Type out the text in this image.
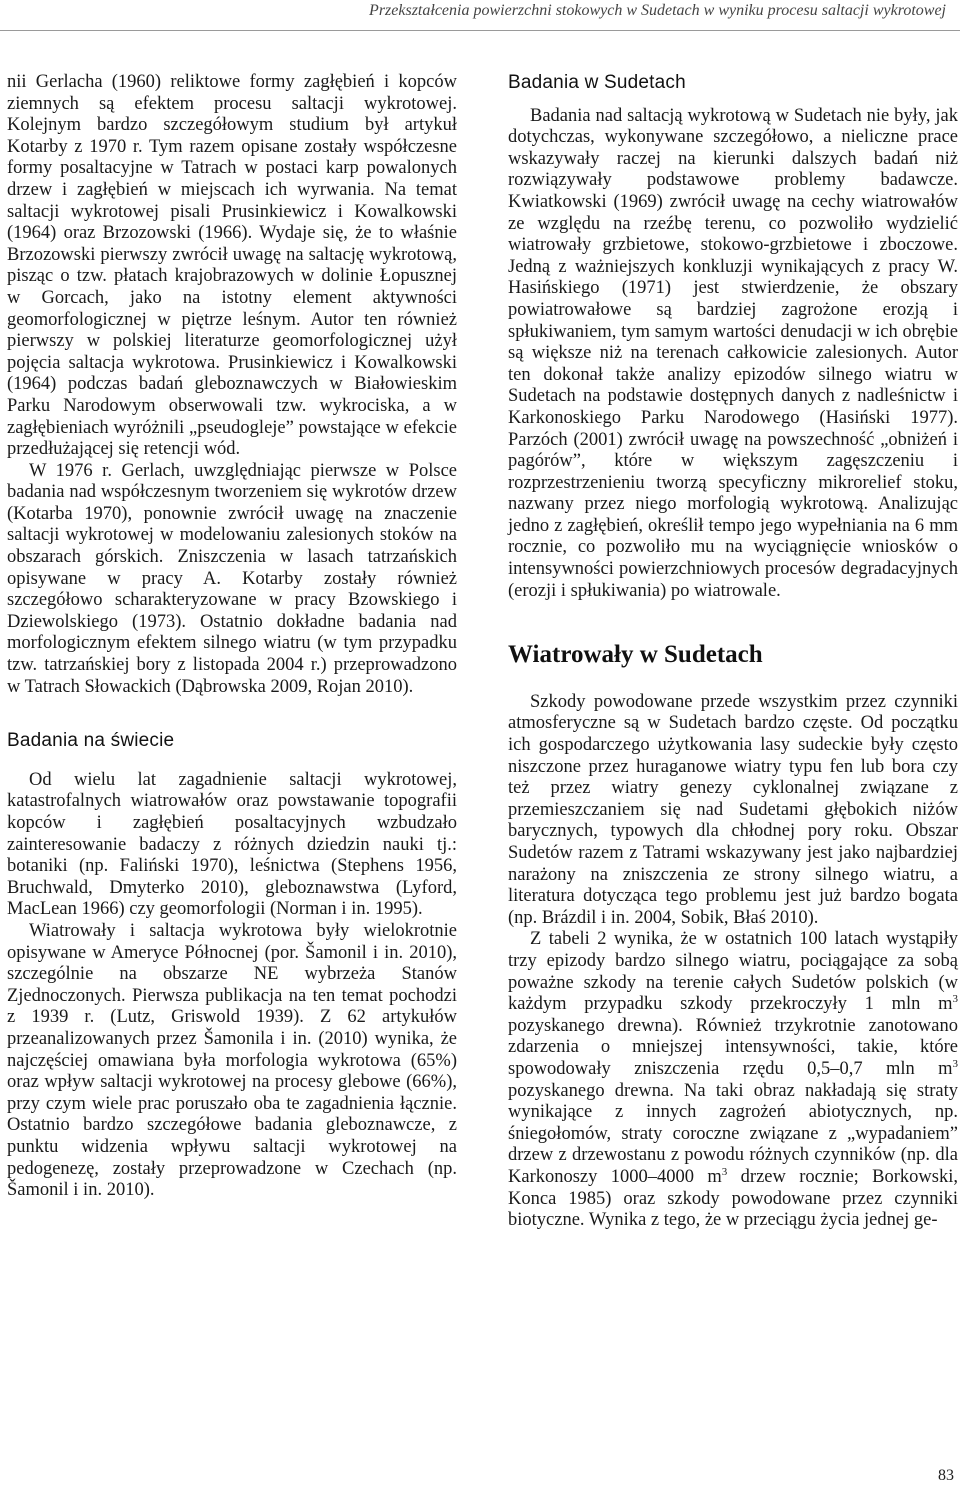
Przekształcenia powierzchni stokowych w Sudetach w wyniku procesu saltacji wykrotowej

nii Gerlacha (1960) reliktowe formy zagłębień i kopców ziemnych są efektem procesu saltacji wykrotowej. Kolejnym bardzo szczegółowym studium był artykuł Kotarby z 1970 r. Tym razem opisane zostały współczesne formy posaltacyjne w Tatrach w postaci karp powalonych drzew i zagłębień w miejscach ich wyrwania. Na temat saltacji wykrotowej pisali Prusinkiewicz i Kowalkowski (1964) oraz Brzozowski (1966). Wydaje się, że to właśnie Brzozowski pierwszy zwrócił uwagę na saltację wykrotową, pisząc o tzw. płatach krajobrazowych w dolinie Łopusznej w Gorcach, jako na istotny element aktywności geomorfologicznej w piętrze leśnym. Autor ten również pierwszy w polskiej literaturze geomorfologicznej użył pojęcia saltacja wykrotowa. Prusinkiewicz i Kowalkowski (1964) podczas badań gleboznawczych w Białowieskim Parku Narodowym obserwowali tzw. wykrociska, a w zagłębieniach wyróżnili „pseudogleje” powstające w efekcie przedłużającej się retencji wód.

W 1976 r. Gerlach, uwzględniając pierwsze w Polsce badania nad współczesnym tworzeniem się wykrotów drzew (Kotarba 1970), ponownie zwrócił uwagę na znaczenie saltacji wykrotowej w modelowaniu zalesionych stoków na obszarach górskich. Zniszczenia w lasach tatrzańskich opisywane w pracy A. Kotarby zostały również szczegółowo scharakteryzowane w pracy Bzowskiego i Dziewolskiego (1973). Ostatnio dokładne badania nad morfologicznym efektem silnego wiatru (w tym przypadku tzw. tatrzańskiej bory z listopada 2004 r.) przeprowadzono w Tatrach Słowackich (Dąbrowska 2009, Rojan 2010).

Badania na świecie

Od wielu lat zagadnienie saltacji wykrotowej, katastrofalnych wiatrowałów oraz powstawanie topografii kopców i zagłębień posaltacyjnych wzbudzało zainteresowanie badaczy z różnych dziedzin nauki tj.: botaniki (np. Faliński 1970), leśnictwa (Stephens 1956, Bruchwald, Dmyterko 2010), gleboznawstwa (Lyford, MacLean 1966) czy geomorfologii (Norman i in. 1995).

Wiatrowały i saltacja wykrotowa były wielokrotnie opisywane w Ameryce Północnej (por. Šamonil i in. 2010), szczególnie na obszarze NE wybrzeża Stanów Zjednoczonych. Pierwsza publikacja na ten temat pochodzi z 1939 r. (Lutz, Griswold 1939). Z 62 artykułów przeanalizowanych przez Šamonila i in. (2010) wynika, że najczęściej omawiana była morfologia wykrotowa (65%) oraz wpływ saltacji wykrotowej na procesy glebowe (66%), przy czym wiele prac poruszało oba te zagadnienia łącznie. Ostatnio bardzo szczegółowe badania gleboznawcze, z punktu widzenia wpływu saltacji wykrotowej na pedogenezę, zostały przeprowadzone w Czechach (np. Šamonil i in. 2010).

Badania w Sudetach

Badania nad saltacją wykrotową w Sudetach nie były, jak dotychczas, wykonywane szczegółowo, a nieliczne prace wskazywały raczej na kierunki dalszych badań niż rozwiązywały podstawowe problemy badawcze. Kwiatkowski (1969) zwrócił uwagę na cechy wiatrowałów ze względu na rzeźbę terenu, co pozwoliło wydzielić wiatrowały grzbietowe, stokowo-grzbietowe i zboczowe. Jedną z ważniejszych konkluzji wynikających z pracy W. Hasińskiego (1971) jest stwierdzenie, że obszary powiatrowałowe są bardziej zagrożone erozją i spłukiwaniem, tym samym wartości denudacji w ich obrębie są większe niż na terenach całkowicie zalesionych. Autor ten dokonał także analizy epizodów silnego wiatru w Sudetach na podstawie dostępnych danych z nadleśnictw i Karkonoskiego Parku Narodowego (Hasiński 1977). Parzóch (2001) zwrócił uwagę na powszechność „obniżeń i pagórów”, które w większym zagęszczeniu i rozprzestrzenieniu tworzą specyficzny mikrorelief stoku, nazwany przez niego morfologią wykrotową. Analizując jedno z zagłębień, określił tempo jego wypełniania na 6 mm rocznie, co pozwoliło mu na wyciągnięcie wniosków o intensywności powierzchniowych procesów degradacyjnych (erozji i spłukiwania) po wiatrowale.

Wiatrowały w Sudetach

Szkody powodowane przede wszystkim przez czynniki atmosferyczne są w Sudetach bardzo częste. Od początku ich gospodarczego użytkowania lasy sudeckie były często niszczone przez huraganowe wiatry typu fen lub bora czy też przez wiatry genezy cyklonalnej związane z przemieszczaniem się nad Sudetami głębokich niżów barycznych, typowych dla chłodnej pory roku. Obszar Sudetów razem z Tatrami wskazywany jest jako najbardziej narażony na zniszczenia ze strony silnego wiatru, a literatura dotycząca tego problemu jest już bardzo bogata (np. Brázdil i in. 2004, Sobik, Błaś 2010).

Z tabeli 2 wynika, że w ostatnich 100 latach wystąpiły trzy epizody bardzo silnego wiatru, pociągające za sobą poważne szkody na terenie całych Sudetów polskich (w każdym przypadku szkody przekroczyły 1 mln $m^3$ pozyskanego drewna). Również trzykrotnie zanotowano zdarzenia o mniejszej intensywności, takie, które spowodowały zniszczenia rzędu 0,5–0,7 mln $m^3$ pozyskanego drewna. Na taki obraz nakładają się straty wynikające z innych zagrożeń abiotycznych, np. śniegołomów, straty coroczne związane z „wypadaniem” drzew z drzewostanu z powodu różnych czynników (np. dla Karkonoszy 1000–4000 $m^3$ drzew rocznie; Borkowski, Konca 1985) oraz szkody powodowane przez czynniki biotyczne. Wynika z tego, że w przeciągu życia jednej ge-

83
